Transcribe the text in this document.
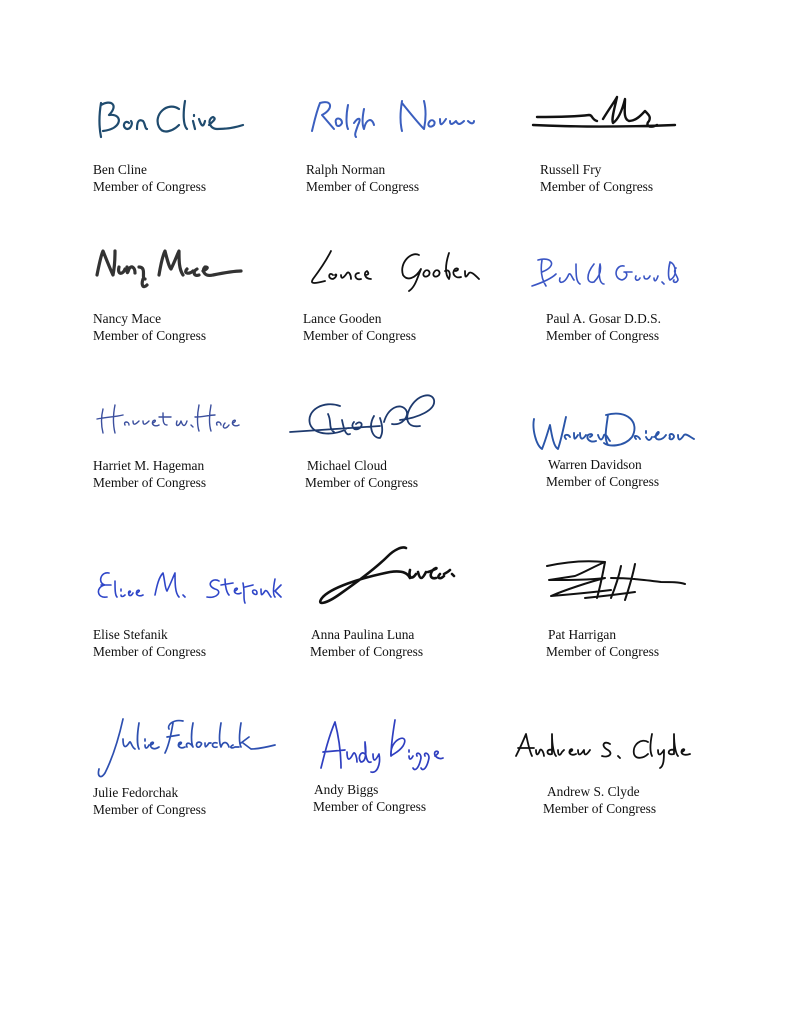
Ben Cline
Member of Congress
Ralph Norman
Member of Congress
Russell Fry
Member of Congress
Nancy Mace
Member of Congress
Lance Gooden
Member of Congress
Paul A. Gosar D.D.S.
Member of Congress
Harriet M. Hageman
Member of Congress
Michael Cloud
Member of Congress
Warren Davidson
Member of Congress
Elise Stefanik
Member of Congress
Anna Paulina Luna
Member of Congress
Pat Harrigan
Member of Congress
Julie Fedorchak
Member of Congress
Andy Biggs
Member of Congress
Andrew S. Clyde
Member of Congress
